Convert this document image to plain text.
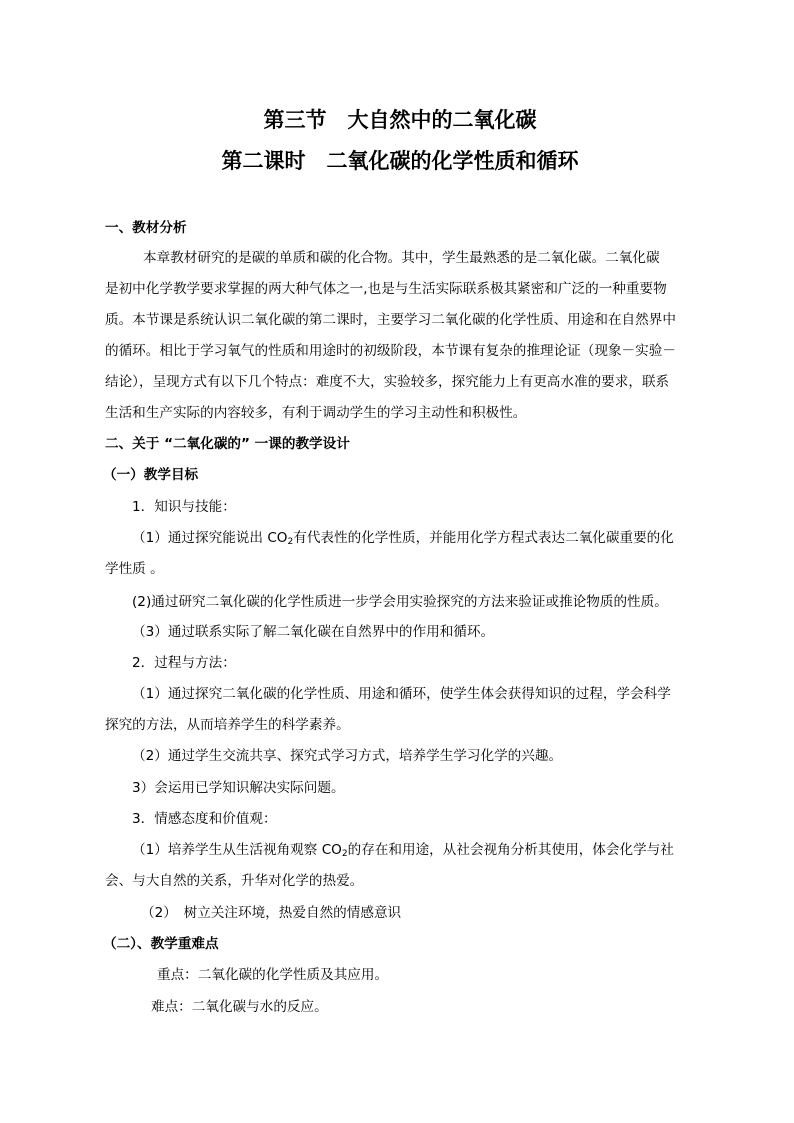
第三节　大自然中的二氧化碳
第二课时　二氧化碳的化学性质和循环
一、教材分析
本章教材研究的是碳的单质和碳的化合物。其中，学生最熟悉的是二氧化碳。二氧化碳
是初中化学教学要求掌握的两大种气体之一,也是与生活实际联系极其紧密和广泛的一种重要物
质。本节课是系统认识二氧化碳的第二课时，主要学习二氧化碳的化学性质、用途和在自然界中
的循环。相比于学习氧气的性质和用途时的初级阶段，本节课有复杂的推理论证（现象－实验－
结论），呈现方式有以下几个特点：难度不大，实验较多，探究能力上有更高水准的要求，联系
生活和生产实际的内容较多，有利于调动学生的学习主动性和积极性。
二、关于 “二氧化碳的” 一课的教学设计
（一）教学目标
1．知识与技能：
（1）通过探究能说出 $CO_2$有代表性的化学性质，并能用化学方程式表达二氧化碳重要的化
学性质 。
(2)通过研究二氧化碳的化学性质进一步学会用实验探究的方法来验证或推论物质的性质。
（3）通过联系实际了解二氧化碳在自然界中的作用和循环。
2．过程与方法：
（1）通过探究二氧化碳的化学性质、用途和循环，使学生体会获得知识的过程，学会科学
探究的方法，从而培养学生的科学素养。
（2）通过学生交流共享、探究式学习方式，培养学生学习化学的兴趣。
3）会运用已学知识解决实际问题。
3．情感态度和价值观：
（1）培养学生从生活视角观察 $CO_2$的存在和用途，从社会视角分析其使用，体会化学与社
会、与大自然的关系，升华对化学的热爱。
（2）　树立关注环境，热爱自然的情感意识
（二）、教学重难点
重点：二氧化碳的化学性质及其应用。
难点：二氧化碳与水的反应。
